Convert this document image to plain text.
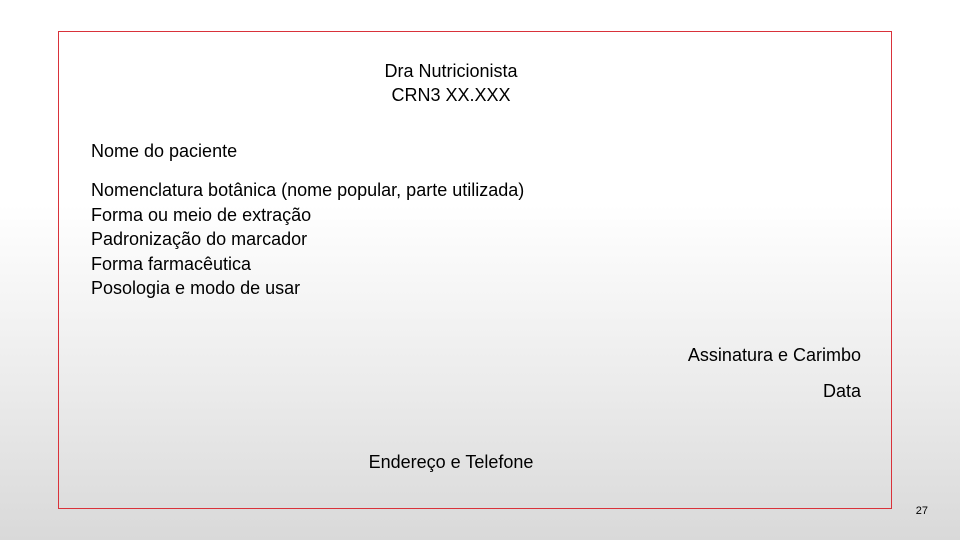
Dra Nutricionista
CRN3 XX.XXX
Nome do paciente
Nomenclatura botânica (nome popular, parte utilizada)
Forma ou meio de extração
Padronização do marcador
Forma farmacêutica
Posologia e modo de usar
Assinatura e Carimbo
Data
Endereço e Telefone
27
